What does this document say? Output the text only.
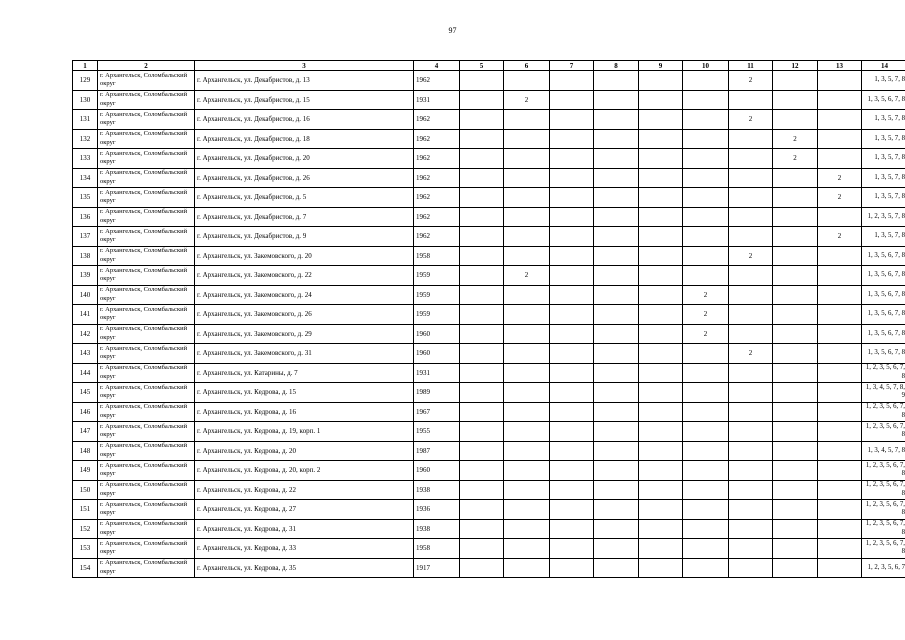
97
1	2	3	4	5	6	7	8	9	10	11	12	13	14
129	г. Архангельск, Соломбальский округ	г. Архангельск, ул. Декабристов, д. 13	1962							2			1, 3, 5, 7, 8
130	г. Архангельск, Соломбальский округ	г. Архангельск, ул. Декабристов, д. 15	1931		2								1, 3, 5, 6, 7, 8
131	г. Архангельск, Соломбальский округ	г. Архангельск, ул. Декабристов, д. 16	1962							2			1, 3, 5, 7, 8
132	г. Архангельск, Соломбальский округ	г. Архангельск, ул. Декабристов, д. 18	1962								2		1, 3, 5, 7, 8
133	г. Архангельск, Соломбальский округ	г. Архангельск, ул. Декабристов, д. 20	1962								2		1, 3, 5, 7, 8
134	г. Архангельск, Соломбальский округ	г. Архангельск, ул. Декабристов, д. 26	1962									2	1, 3, 5, 7, 8
135	г. Архангельск, Соломбальский округ	г. Архангельск, ул. Декабристов, д. 5	1962									2	1, 3, 5, 7, 8
136	г. Архангельск, Соломбальский округ	г. Архангельск, ул. Декабристов, д. 7	1962										1, 2, 3, 5, 7, 8
137	г. Архангельск, Соломбальский округ	г. Архангельск, ул. Декабристов, д. 9	1962									2	1, 3, 5, 7, 8
138	г. Архангельск, Соломбальский округ	г. Архангельск, ул. Закемовского, д. 20	1958							2			1, 3, 5, 6, 7, 8
139	г. Архангельск, Соломбальский округ	г. Архангельск, ул. Закемовского, д. 22	1959		2								1, 3, 5, 6, 7, 8
140	г. Архангельск, Соломбальский округ	г. Архангельск, ул. Закемовского, д. 24	1959						2				1, 3, 5, 6, 7, 8
141	г. Архангельск, Соломбальский округ	г. Архангельск, ул. Закемовского, д. 26	1959						2				1, 3, 5, 6, 7, 8
142	г. Архангельск, Соломбальский округ	г. Архангельск, ул. Закемовского, д. 29	1960						2				1, 3, 5, 6, 7, 8
143	г. Архангельск, Соломбальский округ	г. Архангельск, ул. Закемовского, д. 31	1960							2			1, 3, 5, 6, 7, 8
144	г. Архангельск, Соломбальский округ	г. Архангельск, ул. Катарины, д. 7	1931										1, 2, 3, 5, 6, 7, 8
145	г. Архангельск, Соломбальский округ	г. Архангельск, ул. Кедрова, д. 15	1989										1, 3, 4, 5, 7, 8, 9
146	г. Архангельск, Соломбальский округ	г. Архангельск, ул. Кедрова, д. 16	1967										1, 2, 3, 5, 6, 7, 8
147	г. Архангельск, Соломбальский округ	г. Архангельск, ул. Кедрова, д. 19, корп. 1	1955										1, 2, 3, 5, 6, 7, 8
148	г. Архангельск, Соломбальский округ	г. Архангельск, ул. Кедрова, д. 20	1987										1, 3, 4, 5, 7, 8
149	г. Архангельск, Соломбальский округ	г. Архангельск, ул. Кедрова, д. 20, корп. 2	1960										1, 2, 3, 5, 6, 7, 8
150	г. Архангельск, Соломбальский округ	г. Архангельск, ул. Кедрова, д. 22	1938										1, 2, 3, 5, 6, 7, 8
151	г. Архангельск, Соломбальский округ	г. Архангельск, ул. Кедрова, д. 27	1936										1, 2, 3, 5, 6, 7, 8
152	г. Архангельск, Соломбальский округ	г. Архангельск, ул. Кедрова, д. 31	1938										1, 2, 3, 5, 6, 7, 8
153	г. Архангельск, Соломбальский округ	г. Архангельск, ул. Кедрова, д. 33	1958										1, 2, 3, 5, 6, 7, 8
154	г. Архангельск, Соломбальский округ	г. Архангельск, ул. Кедрова, д. 35	1917										1, 2, 3, 5, 6, 7
